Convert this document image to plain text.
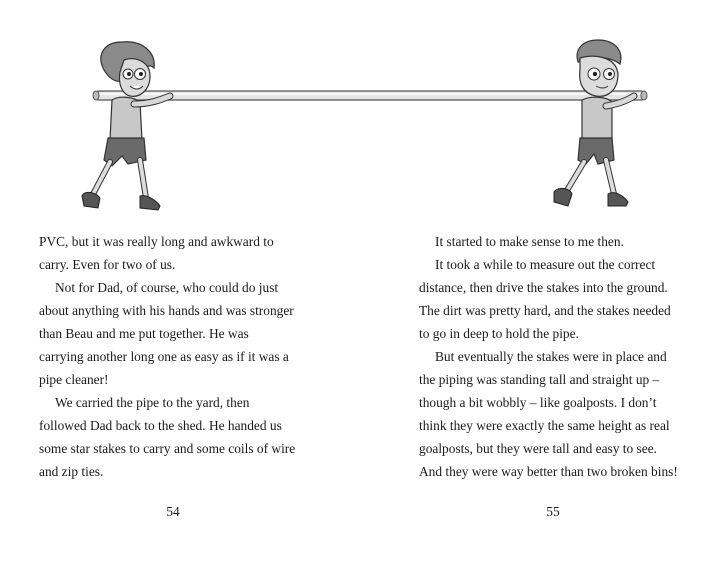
PVC, but it was really long and awkward to
carry. Even for two of us.
Not for Dad, of course, who could do just
about anything with his hands and was stronger
than Beau and me put together. He was
carrying another long one as easy as if it was a
pipe cleaner!
We carried the pipe to the yard, then
followed Dad back to the shed. He handed us
some star stakes to carry and some coils of wire
and zip ties.
54
It started to make sense to me then.
It took a while to measure out the correct
distance, then drive the stakes into the ground.
The dirt was pretty hard, and the stakes needed
to go in deep to hold the pipe.
But eventually the stakes were in place and
the piping was standing tall and straight up –
though a bit wobbly – like goalposts. I don’t
think they were exactly the same height as real
goalposts, but they were tall and easy to see.
And they were way better than two broken bins!
55
